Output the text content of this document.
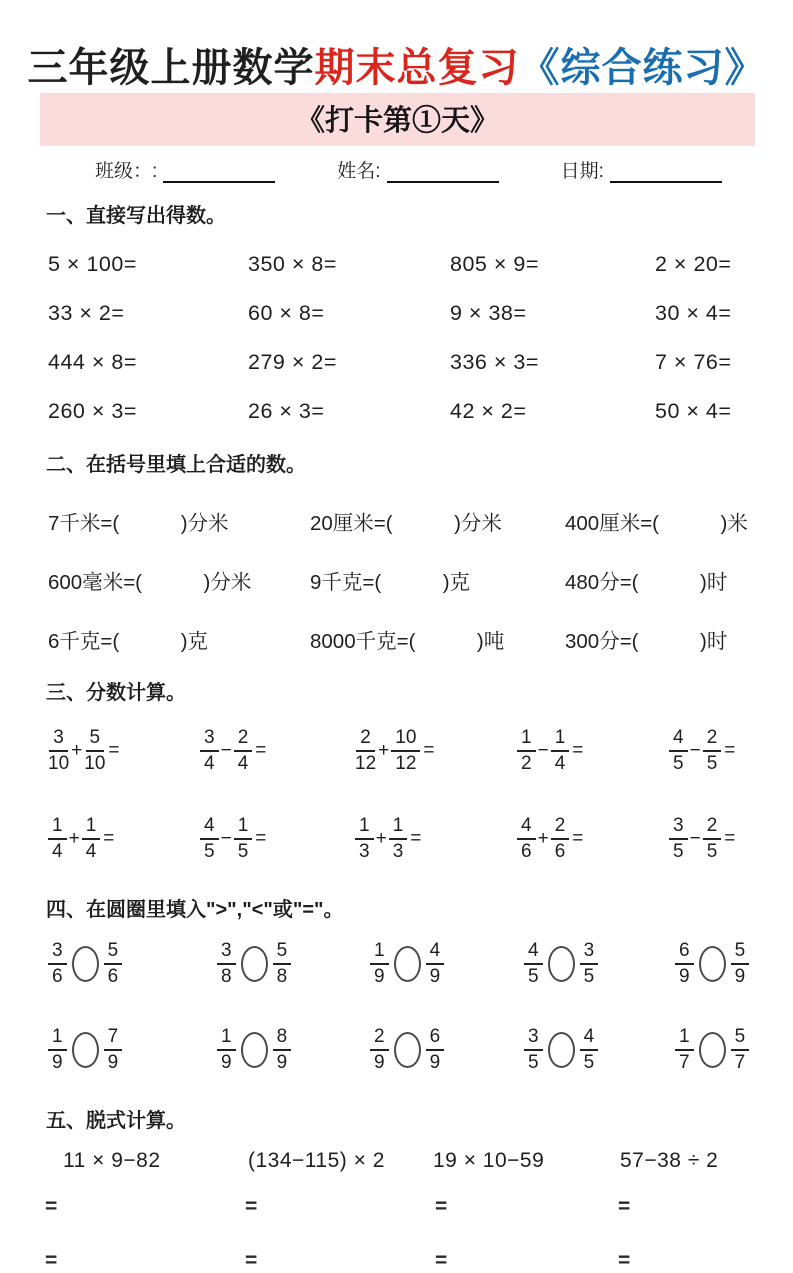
三年级上册数学期末总复习《综合练习》
《打卡第①天》
班级：:	姓名:	日期:
一、直接写出得数。
5 × 100=	350 × 8=	805 × 9=	2 × 20=
33 × 2=	60 × 8=	9 × 38=	30 × 4=
444 × 8=	279 × 2=	336 × 3=	7 × 76=
260 × 3=	26 × 3=	42 × 2=	50 × 4=
二、在括号里填上合适的数。
7千米=(　　　)分米	20厘米=(　　　)分米	400厘米=(　　　)米
600毫米=(　　　)分米	9千克=(　　　)克	480分=(　　　)时
6千克=(　　　)克	8000千克=(　　　)吨	300分=(　　　)时
三、分数计算。
$\frac{3}{10} + \frac{5}{10}$ =	$\frac{3}{4} - \frac{2}{4}$ =	$\frac{2}{12} + \frac{10}{12}$ =	$\frac{1}{2} - \frac{1}{4}$ =	$\frac{4}{5} - \frac{2}{5}$ =
$\frac{1}{4} + \frac{1}{4}$ =	$\frac{4}{5} - \frac{1}{5}$ =	$\frac{1}{3} + \frac{1}{3}$ =	$\frac{4}{6} + \frac{2}{6}$ =	$\frac{3}{5} - \frac{2}{5}$ =
四、在圆圈里填入">","<"或"="。
$\frac{3}{6} \frac{5}{6}$	$\frac{3}{8} \frac{5}{8}$	$\frac{1}{9} \frac{4}{9}$	$\frac{4}{5} \frac{3}{5}$	$\frac{6}{9} \frac{5}{9}$
$\frac{1}{9} \frac{7}{9}$	$\frac{1}{9} \frac{8}{9}$	$\frac{2}{9} \frac{6}{9}$	$\frac{3}{5} \frac{4}{5}$	$\frac{1}{7} \frac{5}{7}$
五、脱式计算。
11 × 9−82	(134−115) × 2	19 × 10−59	57−38 ÷ 2
=	=	=	=
=	=	=	=
